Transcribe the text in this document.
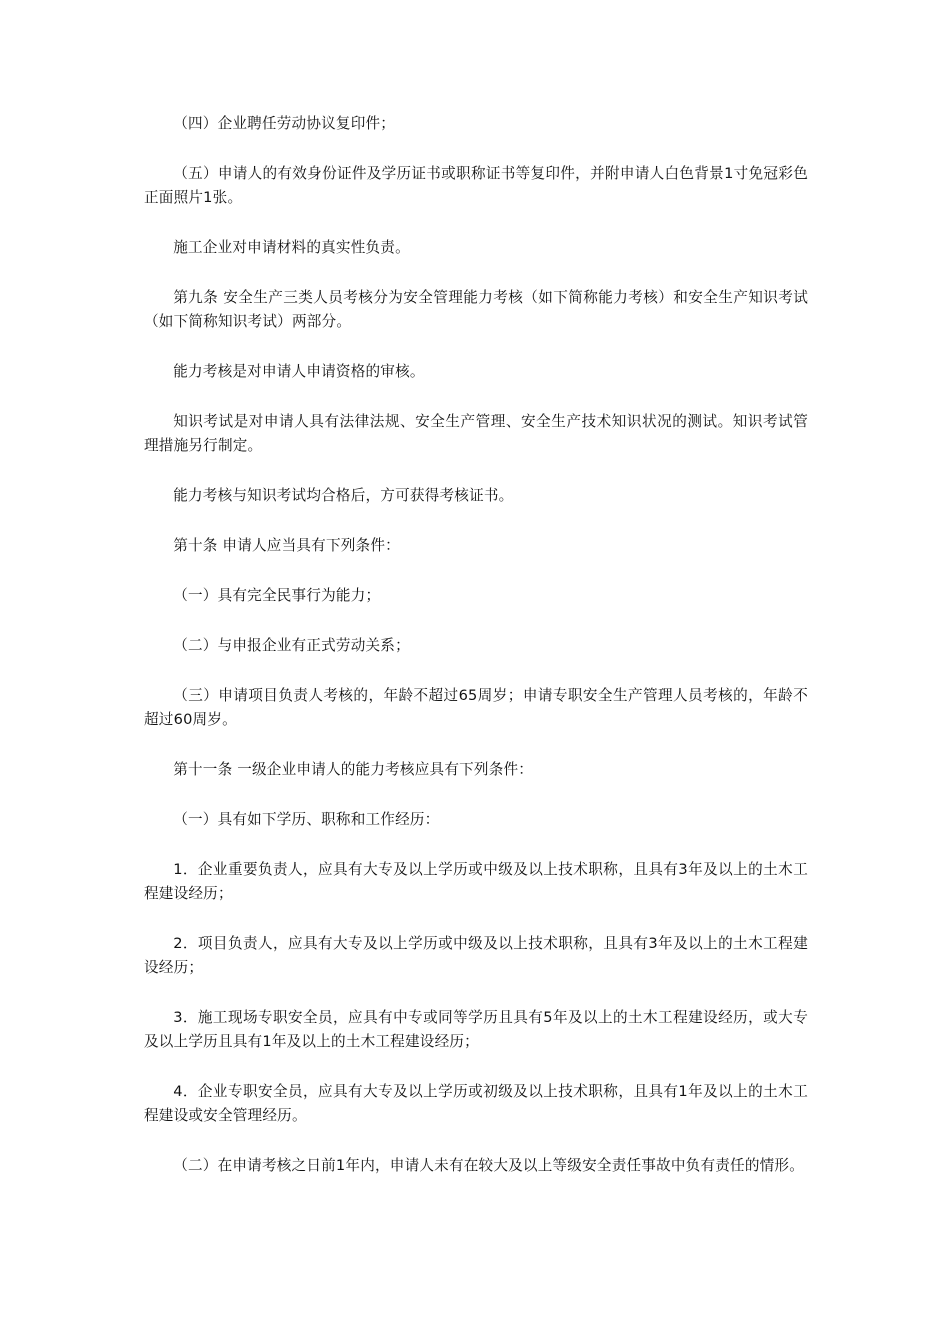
（四）企业聘任劳动协议复印件；

（五）申请人的有效身份证件及学历证书或职称证书等复印件，并附申请人白色背景1寸免冠彩色正面照片1张。

施工企业对申请材料的真实性负责。

第九条 安全生产三类人员考核分为安全管理能力考核（如下简称能力考核）和安全生产知识考试（如下简称知识考试）两部分。

能力考核是对申请人申请资格的审核。

知识考试是对申请人具有法律法规、安全生产管理、安全生产技术知识状况的测试。知识考试管理措施另行制定。

能力考核与知识考试均合格后，方可获得考核证书。

第十条 申请人应当具有下列条件：

（一）具有完全民事行为能力；

（二）与申报企业有正式劳动关系；

（三）申请项目负责人考核的，年龄不超过65周岁；申请专职安全生产管理人员考核的，年龄不超过60周岁。

第十一条 一级企业申请人的能力考核应具有下列条件：

（一）具有如下学历、职称和工作经历：

1．企业重要负责人，应具有大专及以上学历或中级及以上技术职称，且具有3年及以上的土木工程建设经历；

2．项目负责人，应具有大专及以上学历或中级及以上技术职称，且具有3年及以上的土木工程建设经历；

3．施工现场专职安全员，应具有中专或同等学历且具有5年及以上的土木工程建设经历，或大专及以上学历且具有1年及以上的土木工程建设经历；

4．企业专职安全员，应具有大专及以上学历或初级及以上技术职称，且具有1年及以上的土木工程建设或安全管理经历。

（二）在申请考核之日前1年内，申请人未有在较大及以上等级安全责任事故中负有责任的情形。
